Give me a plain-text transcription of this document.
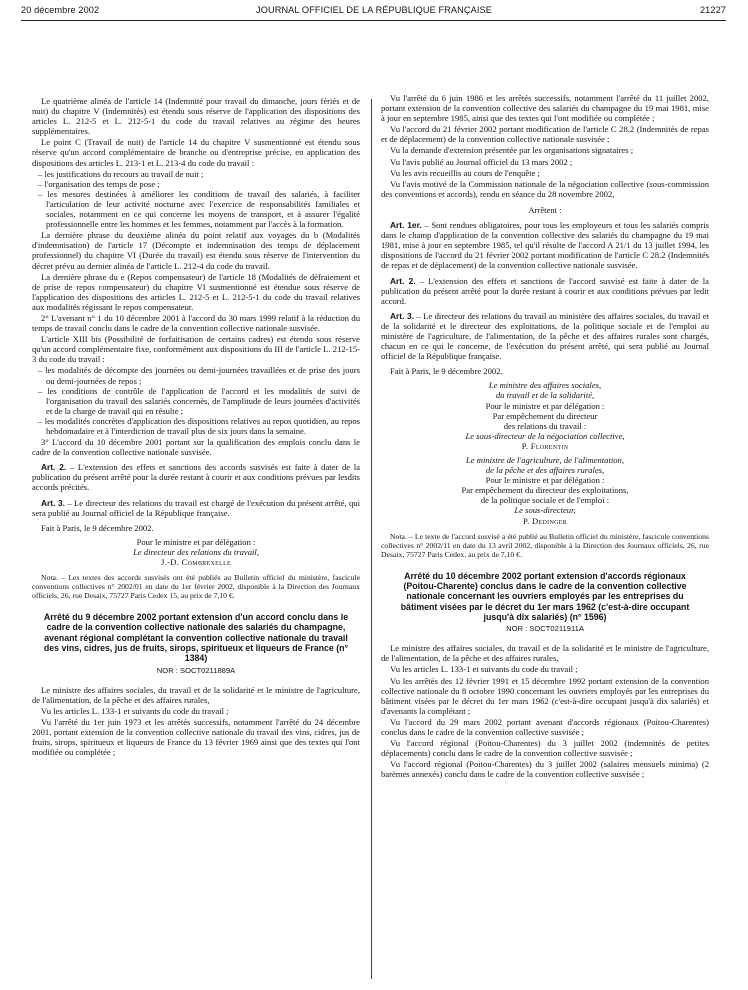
20 décembre 2002	JOURNAL OFFICIEL DE LA RÉPUBLIQUE FRANÇAISE	21227

Le quatrième alinéa de l'article 14 (Indemnité pour travail du dimanche, jours fériés et de nuit) du chapitre V (Indemnités) est étendu sous réserve de l'application des dispositions des articles L. 212-5 et L. 212-5-1 du code du travail relatives au régime des heures supplémentaires.

Le point C (Travail de nuit) de l'article 14 du chapitre V susmentionné est étendu sous réserve qu'un accord complémentaire de branche ou d'entreprise précise, en application des dispositions des articles L. 213-1 et L. 213-4 du code du travail :

– les justifications du recours au travail de nuit ;
– l'organisation des temps de pose ;
– les mesures destinées à améliorer les conditions de travail des salariés, à faciliter l'articulation de leur activité nocturne avec l'exercice de responsabilités familiales et sociales, notamment en ce qui concerne les moyens de transport, et à assurer l'égalité professionnelle entre les hommes et les femmes, notamment par l'accès à la formation.

La dernière phrase du deuxième alinéa du point relatif aux voyages du b (Modalités d'indemnisation) de l'article 17 (Décompte et indemnisation des temps de déplacement professionnel) du chapitre VI (Durée du travail) est étendu sous réserve de l'intervention du décret prévu au dernier alinéa de l'article L. 212-4 du code du travail.

La dernière phrase du e (Repos compensateur) de l'article 18 (Modalités de défraiement et de prise de repos compensateur) du chapitre VI susmentionné est étendue sous réserve de l'application des dispositions des articles L. 212-5 et L. 212-5-1 du code du travail relatives aux modalités régissant le repos compensateur.

2° L'avenant n° 1 du 10 décembre 2001 à l'accord du 30 mars 1999 relatif à la réduction du temps de travail conclu dans le cadre de la convention collective nationale susvisée.

L'article XIII bis (Possibilité de forfaitisation de certains cadres) est étendu sous réserve qu'un accord complémentaire fixe, conformément aux dispositions du III de l'article L. 212-15-3 du code du travail :

– les modalités de décompte des journées ou demi-journées travaillées et de prise des jours ou demi-journées de repos ;
– les conditions de contrôle de l'application de l'accord et les modalités de suivi de l'organisation du travail des salariés concernés, de l'amplitude de leurs journées d'activités et de la charge de travail qui en résulte ;
– les modalités concrètes d'application des dispositions relatives au repos quotidien, au repos hebdomadaire et à l'interdiction de travail plus de six jours dans la semaine.

3° L'accord du 10 décembre 2001 portant sur la qualification des emplois conclu dans le cadre de la convention collective nationale susvisée.

Art. 2. – L'extension des effets et sanctions des accords susvisés est faite à dater de la publication du présent arrêté pour la durée restant à courir et aux conditions prévues par lesdits accords précités.

Art. 3. – Le directeur des relations du travail est chargé de l'exécution du présent arrêté, qui sera publié au Journal officiel de la République française.

Fait à Paris, le 9 décembre 2002.

Pour le ministre et par délégation :

Le directeur des relations du travail,

J.-D. Combrexelle

Nota. – Les textes des accords susvisés ont été publiés au Bulletin officiel du ministère, fascicule conventions collectives n° 2002/01 en date du 1er février 2002, disponible à la Direction des Journaux officiels, 26, rue Desaix, 75727 Paris Cedex 15, au prix de 7,10 €.

Arrêté du 9 décembre 2002 portant extension d'un accord conclu dans le cadre de la convention collective nationale des salariés du champagne, avenant régional complétant la convention collective nationale du travail des vins, cidres, jus de fruits, sirops, spiritueux et liqueurs de France (n° 1384)

NOR : SOCT0211889A

Le ministre des affaires sociales, du travail et de la solidarité et le ministre de l'agriculture, de l'alimentation, de la pêche et des affaires rurales,

Vu les articles L. 133-1 et suivants du code du travail ;

Vu l'arrêté du 1er juin 1973 et les arrêtés successifs, notamment l'arrêté du 24 décembre 2001, portant extension de la convention collective nationale du travail des vins, cidres, jus de fruits, sirops, spiritueux et liqueurs de France du 13 février 1969 ainsi que des textes qui l'ont modifiée ou complétée ;

Vu l'arrêté du 6 juin 1986 et les arrêtés successifs, notamment l'arrêté du 11 juillet 2002, portant extension de la convention collective des salariés du champagne du 19 mai 1981, mise à jour en septembre 1985, ainsi que des textes qui l'ont modifiée ou complétée ;

Vu l'accord du 21 février 2002 portant modification de l'article C 28.2 (Indemnités de repas et de déplacement) de la convention collective nationale susvisée ;

Vu la demande d'extension présentée par les organisations signataires ;

Vu l'avis publié au Journal officiel du 13 mars 2002 ;

Vu les avis recueillis au cours de l'enquête ;

Vu l'avis motivé de la Commission nationale de la négociation collective (sous-commission des conventions et accords), rendu en séance du 28 novembre 2002,

Arrêtent :

Art. 1er. – Sont rendues obligatoires, pour tous les employeurs et tous les salariés compris dans le champ d'application de la convention collective des salariés du champagne du 19 mai 1981, mise à jour en septembre 1985, tel qu'il résulte de l'accord A 21/1 du 13 juillet 1994, les dispositions de l'accord du 21 février 2002 portant modification de l'article C 28.2 (Indemnités de repas et de déplacement) de la convention collective nationale susvisée.

Art. 2. – L'extension des effets et sanctions de l'accord susvisé est faite à dater de la publication du présent arrêté pour la durée restant à courir et aux conditions prévues par ledit accord.

Art. 3. – Le directeur des relations du travail au ministère des affaires sociales, du travail et de la solidarité et le directeur des exploitations, de la politique sociale et de l'emploi au ministère de l'agriculture, de l'alimentation, de la pêche et des affaires rurales sont chargés, chacun en ce qui le concerne, de l'exécution du présent arrêté, qui sera publié au Journal officiel de la République française.

Fait à Paris, le 9 décembre 2002.

Le ministre des affaires sociales,

du travail et de la solidarité,

Pour le ministre et par délégation :

Par empêchement du directeur

des relations du travail :

Le sous-directeur de la négociation collective,

P. Florentin

Le ministre de l'agriculture, de l'alimentation,

de la pêche et des affaires rurales,

Pour le ministre et par délégation :

Par empêchement du directeur des exploitations,

de la politique sociale et de l'emploi :

Le sous-directeur,

P. Dedinger

Nota. – Le texte de l'accord susvisé a été publié au Bulletin officiel du ministère, fascicule conventions collectives n° 2002/11 en date du 13 avril 2002, disponible à la Direction des Journaux officiels, 26, rue Desaix, 75727 Paris Cedex, au prix de 7,10 €.

Arrêté du 10 décembre 2002 portant extension d'accords régionaux (Poitou-Charente) conclus dans le cadre de la convention collective nationale concernant les ouvriers employés par les entreprises du bâtiment visées par le décret du 1er mars 1962 (c'est-à-dire occupant jusqu'à dix salariés) (n° 1596)

NOR : SOCT0211911A

Le ministre des affaires sociales, du travail et de la solidarité et le ministre de l'agriculture, de l'alimentation, de la pêche et des affaires rurales,

Vu les articles L. 133-1 et suivants du code du travail ;

Vu les arrêtés des 12 février 1991 et 15 décembre 1992 portant extension de la convention collective nationale du 8 octobre 1990 concernant les ouvriers employés par les entreprises du bâtiment visées par le décret du 1er mars 1962 (c'est-à-dire occupant jusqu'à dix salariés) et d'avenants la complétant ;

Vu l'accord du 29 mars 2002 portant avenant d'accords régionaux (Poitou-Charentes) conclus dans le cadre de la convention collective susvisée ;

Vu l'accord régional (Poitou-Charentes) du 3 juillet 2002 (indemnités de petites déplacements) conclu dans le cadre de la convention collective susvisée ;

Vu l'accord régional (Poitou-Charentes) du 3 juillet 2002 (salaires mensuels minima) (2 barèmes annexés) conclu dans le cadre de la convention collective susvisée ;
